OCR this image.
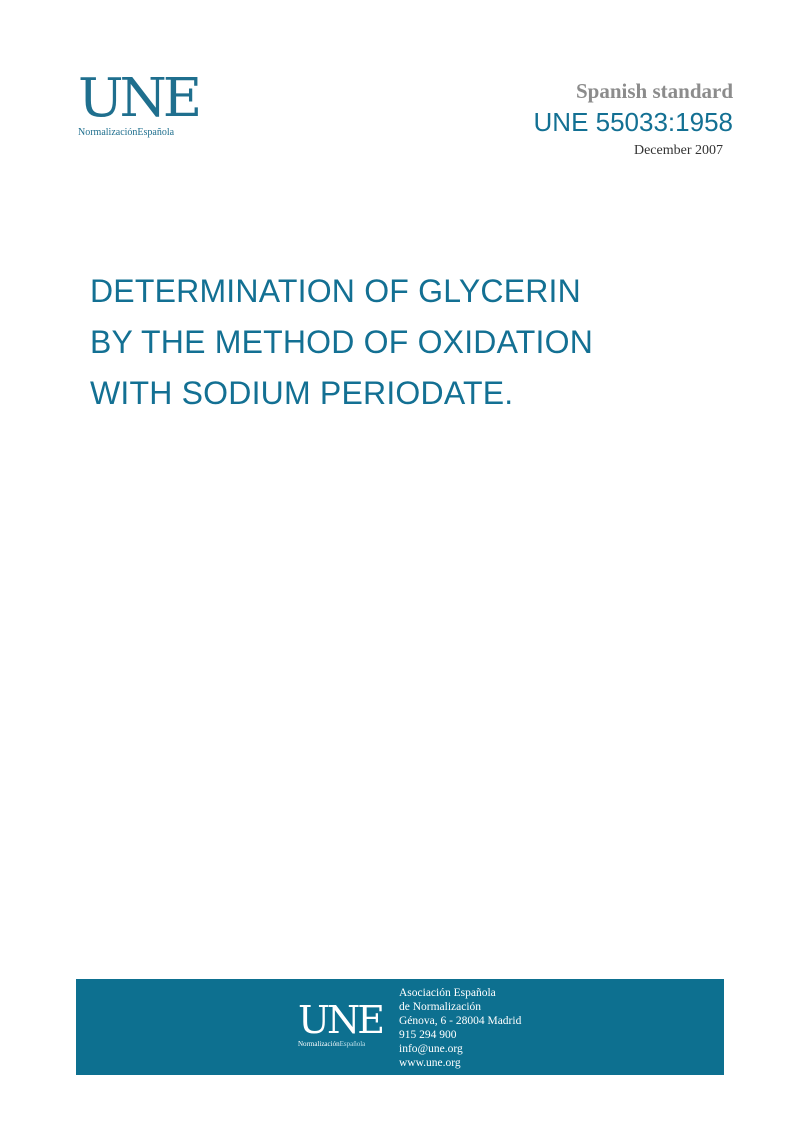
UNE
NormalizaciónEspañola
Spanish standard
UNE 55033:1958
December 2007
DETERMINATION OF GLYCERIN
BY THE METHOD OF OXIDATION
WITH SODIUM PERIODATE.
UNE
NormalizaciónEspañola
Asociación Española
de Normalización
Génova, 6 - 28004 Madrid
915 294 900
info@une.org
www.une.org
